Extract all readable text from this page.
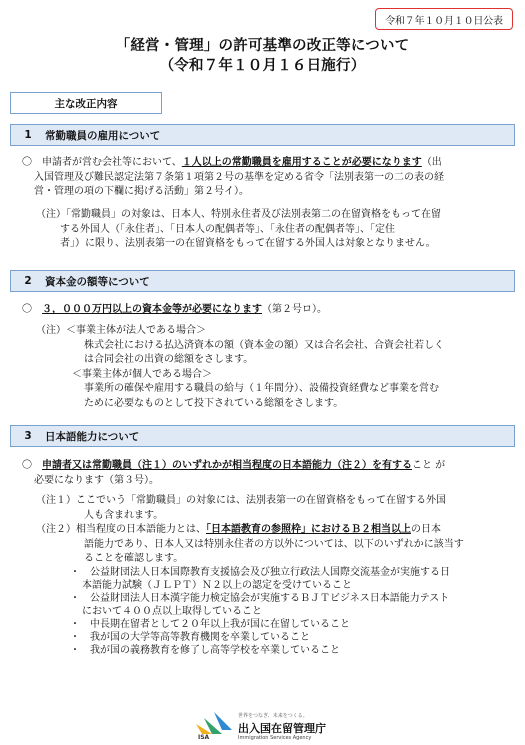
令和７年１０月１０日公表
「経営・管理」の許可基準の改正等について
（令和７年１０月１６日施行）
主な改正内容
1	常勤職員の雇用について
〇　申請者が営む会社等において、１人以上の常勤職員を雇用することが必要になります（出
入国管理及び難民認定法第７条第１項第２号の基準を定める省令「法別表第一の二の表の経
営・管理の項の下欄に掲げる活動」第２号イ）。
（注）「常勤職員」の対象は、日本人、特別永住者及び法別表第二の在留資格をもって在留
する外国人（「永住者」、「日本人の配偶者等」、「永住者の配偶者等」、「定住
者」）に限り、法別表第一の在留資格をもって在留する外国人は対象となりません。
2	資本金の額等について
〇　３，０００万円以上の資本金等が必要になります（第２号ロ）。
（注）＜事業主体が法人である場合＞
株式会社における払込済資本の額（資本金の額）又は合名会社、合資会社若しく
は合同会社の出資の総額をさします。
＜事業主体が個人である場合＞
事業所の確保や雇用する職員の給与（１年間分）、設備投資経費など事業を営む
ために必要なものとして投下されている総額をさします。
3	日本語能力について
〇　申請者又は常勤職員（注１）のいずれかが相当程度の日本語能力（注２）を有すること が
必要になります（第３号）。
（注１）ここでいう「常勤職員」の対象には、法別表第一の在留資格をもって在留する外国
人も含まれます。
（注２）相当程度の日本語能力とは、「日本語教育の参照枠」におけるＢ２相当以上の日本
語能力であり、日本人又は特別永住者の方以外については、以下のいずれかに該当す
ることを確認します。
・　公益財団法人日本国際教育支援協会及び独立行政法人国際交流基金が実施する日
本語能力試験（ＪＬＰＴ）Ｎ２以上の認定を受けていること
・　公益財団法人日本漢字能力検定協会が実施するＢＪＴビジネス日本語能力テスト
において４００点以上取得していること
・　中長期在留者として２０年以上我が国に在留していること
・　我が国の大学等高等教育機関を卒業していること
・　我が国の義務教育を修了し高等学校を卒業していること
ISA
世界をつなぎ、未来をつくる。
出入国在留管理庁
Immigration Services Agency
